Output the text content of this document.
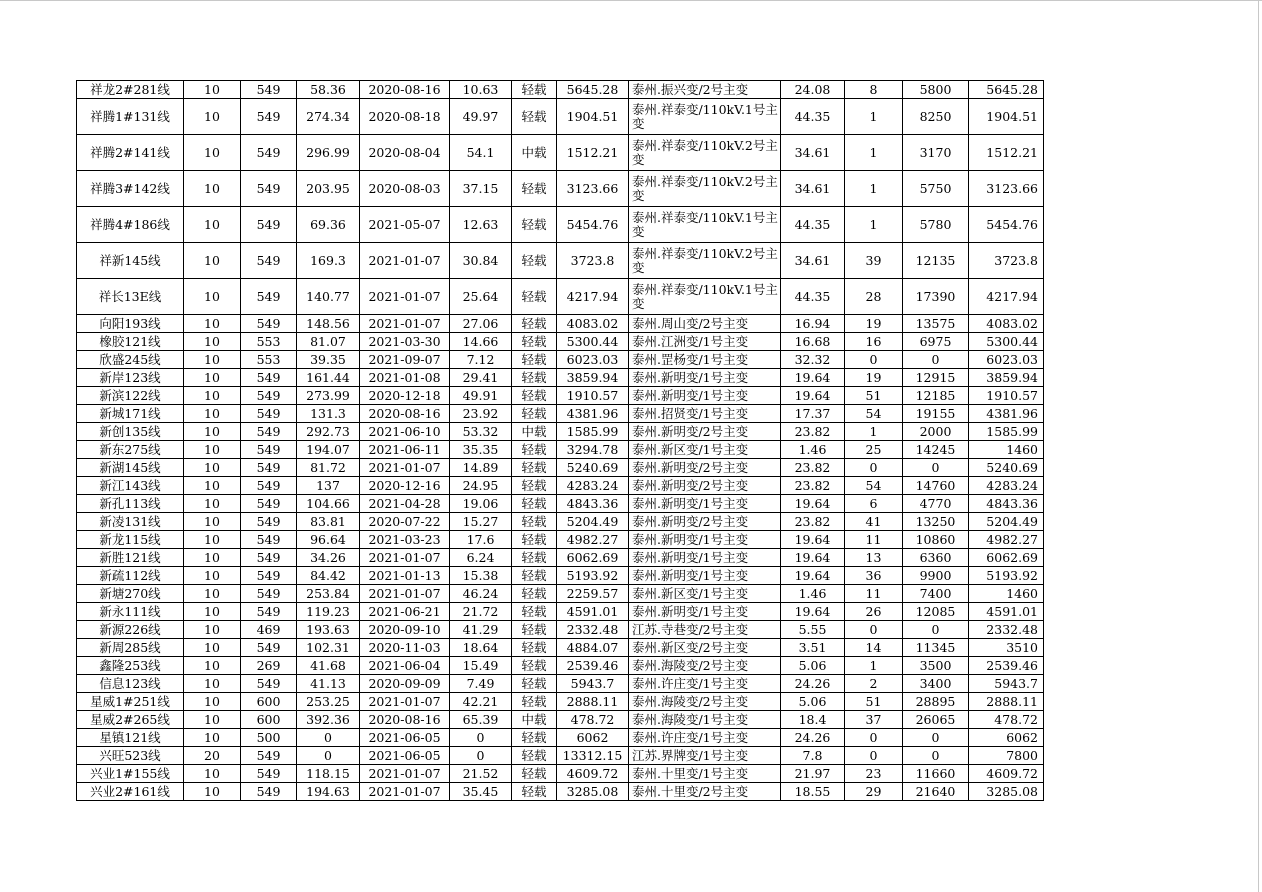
祥龙2#281线	10	549	58.36	2020-08-16	10.63	轻载	5645.28	泰州.振兴变/2号主变	24.08	8	5800	5645.28
祥腾1#131线	10	549	274.34	2020-08-18	49.97	轻载	1904.51	泰州.祥泰变/110kV.1号主变	44.35	1	8250	1904.51
祥腾2#141线	10	549	296.99	2020-08-04	54.1	中载	1512.21	泰州.祥泰变/110kV.2号主变	34.61	1	3170	1512.21
祥腾3#142线	10	549	203.95	2020-08-03	37.15	轻载	3123.66	泰州.祥泰变/110kV.2号主变	34.61	1	5750	3123.66
祥腾4#186线	10	549	69.36	2021-05-07	12.63	轻载	5454.76	泰州.祥泰变/110kV.1号主变	44.35	1	5780	5454.76
祥新145线	10	549	169.3	2021-01-07	30.84	轻载	3723.8	泰州.祥泰变/110kV.2号主变	34.61	39	12135	3723.8
祥长13E线	10	549	140.77	2021-01-07	25.64	轻载	4217.94	泰州.祥泰变/110kV.1号主变	44.35	28	17390	4217.94
向阳193线	10	549	148.56	2021-01-07	27.06	轻载	4083.02	泰州.周山变/2号主变	16.94	19	13575	4083.02
橡胶121线	10	553	81.07	2021-03-30	14.66	轻载	5300.44	泰州.江洲变/1号主变	16.68	16	6975	5300.44
欣盛245线	10	553	39.35	2021-09-07	7.12	轻载	6023.03	泰州.罡杨变/1号主变	32.32	0	0	6023.03
新岸123线	10	549	161.44	2021-01-08	29.41	轻载	3859.94	泰州.新明变/1号主变	19.64	19	12915	3859.94
新滨122线	10	549	273.99	2020-12-18	49.91	轻载	1910.57	泰州.新明变/1号主变	19.64	51	12185	1910.57
新城171线	10	549	131.3	2020-08-16	23.92	轻载	4381.96	泰州.招贤变/1号主变	17.37	54	19155	4381.96
新创135线	10	549	292.73	2021-06-10	53.32	中载	1585.99	泰州.新明变/2号主变	23.82	1	2000	1585.99
新东275线	10	549	194.07	2021-06-11	35.35	轻载	3294.78	泰州.新区变/1号主变	1.46	25	14245	1460
新湖145线	10	549	81.72	2021-01-07	14.89	轻载	5240.69	泰州.新明变/2号主变	23.82	0	0	5240.69
新江143线	10	549	137	2020-12-16	24.95	轻载	4283.24	泰州.新明变/2号主变	23.82	54	14760	4283.24
新孔113线	10	549	104.66	2021-04-28	19.06	轻载	4843.36	泰州.新明变/1号主变	19.64	6	4770	4843.36
新凌131线	10	549	83.81	2020-07-22	15.27	轻载	5204.49	泰州.新明变/2号主变	23.82	41	13250	5204.49
新龙115线	10	549	96.64	2021-03-23	17.6	轻载	4982.27	泰州.新明变/1号主变	19.64	11	10860	4982.27
新胜121线	10	549	34.26	2021-01-07	6.24	轻载	6062.69	泰州.新明变/1号主变	19.64	13	6360	6062.69
新疏112线	10	549	84.42	2021-01-13	15.38	轻载	5193.92	泰州.新明变/1号主变	19.64	36	9900	5193.92
新塘270线	10	549	253.84	2021-01-07	46.24	轻载	2259.57	泰州.新区变/1号主变	1.46	11	7400	1460
新永111线	10	549	119.23	2021-06-21	21.72	轻载	4591.01	泰州.新明变/1号主变	19.64	26	12085	4591.01
新源226线	10	469	193.63	2020-09-10	41.29	轻载	2332.48	江苏.寺巷变/2号主变	5.55	0	0	2332.48
新周285线	10	549	102.31	2020-11-03	18.64	轻载	4884.07	泰州.新区变/2号主变	3.51	14	11345	3510
鑫隆253线	10	269	41.68	2021-06-04	15.49	轻载	2539.46	泰州.海陵变/2号主变	5.06	1	3500	2539.46
信息123线	10	549	41.13	2020-09-09	7.49	轻载	5943.7	泰州.许庄变/1号主变	24.26	2	3400	5943.7
星威1#251线	10	600	253.25	2021-01-07	42.21	轻载	2888.11	泰州.海陵变/2号主变	5.06	51	28895	2888.11
星威2#265线	10	600	392.36	2020-08-16	65.39	中载	478.72	泰州.海陵变/1号主变	18.4	37	26065	478.72
星镇121线	10	500	0	2021-06-05	0	轻载	6062	泰州.许庄变/1号主变	24.26	0	0	6062
兴旺523线	20	549	0	2021-06-05	0	轻载	13312.15	江苏.界牌变/1号主变	7.8	0	0	7800
兴业1#155线	10	549	118.15	2021-01-07	21.52	轻载	4609.72	泰州.十里变/1号主变	21.97	23	11660	4609.72
兴业2#161线	10	549	194.63	2021-01-07	35.45	轻载	3285.08	泰州.十里变/2号主变	18.55	29	21640	3285.08
